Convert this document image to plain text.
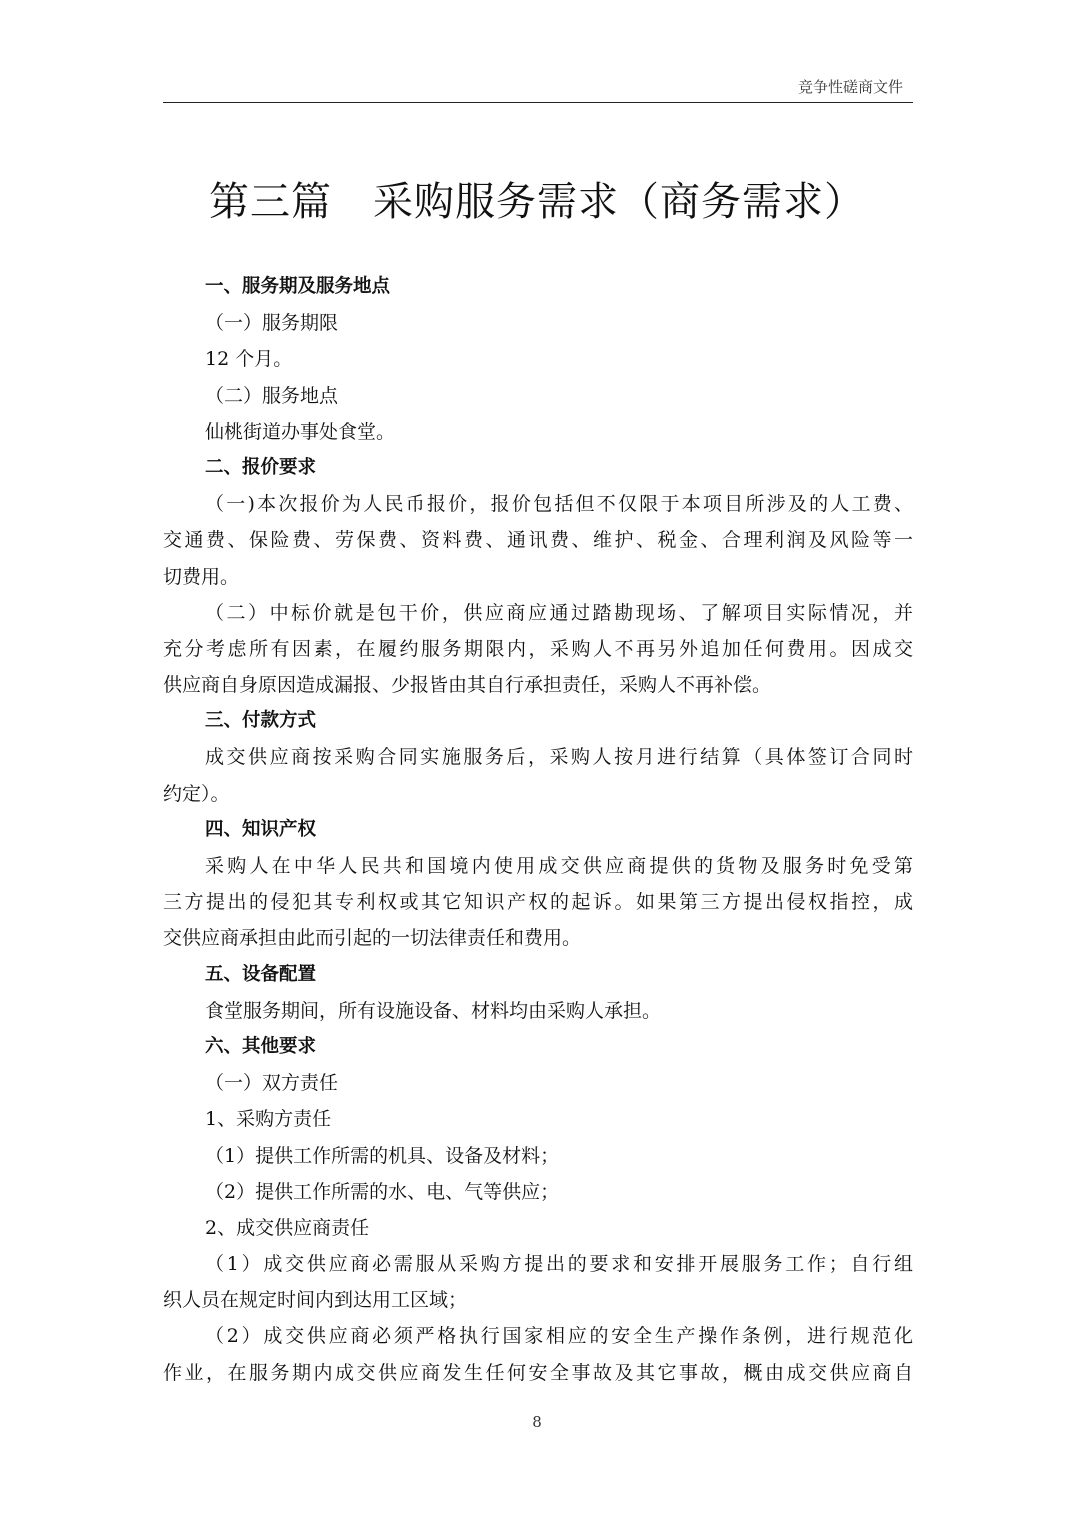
竞争性磋商文件
第三篇　采购服务需求（商务需求）
一、服务期及服务地点
（一）服务期限
12 个月。
（二）服务地点
仙桃街道办事处食堂。
二、报价要求
（一)本次报价为人民币报价，报价包括但不仅限于本项目所涉及的人工费、
交通费、保险费、劳保费、资料费、通讯费、维护、税金、合理利润及风险等一
切费用。
（二）中标价就是包干价，供应商应通过踏勘现场、了解项目实际情况，并
充分考虑所有因素，在履约服务期限内，采购人不再另外追加任何费用。因成交
供应商自身原因造成漏报、少报皆由其自行承担责任，采购人不再补偿。
三、付款方式
成交供应商按采购合同实施服务后，采购人按月进行结算（具体签订合同时
约定）。
四、知识产权
采购人在中华人民共和国境内使用成交供应商提供的货物及服务时免受第
三方提出的侵犯其专利权或其它知识产权的起诉。如果第三方提出侵权指控，成
交供应商承担由此而引起的一切法律责任和费用。
五、设备配置
食堂服务期间，所有设施设备、材料均由采购人承担。
六、其他要求
（一）双方责任
1、采购方责任
（1）提供工作所需的机具、设备及材料；
（2）提供工作所需的水、电、气等供应；
2、成交供应商责任
（1）成交供应商必需服从采购方提出的要求和安排开展服务工作；自行组
织人员在规定时间内到达用工区域；
（2）成交供应商必须严格执行国家相应的安全生产操作条例，进行规范化
作业，在服务期内成交供应商发生任何安全事故及其它事故，概由成交供应商自
8
